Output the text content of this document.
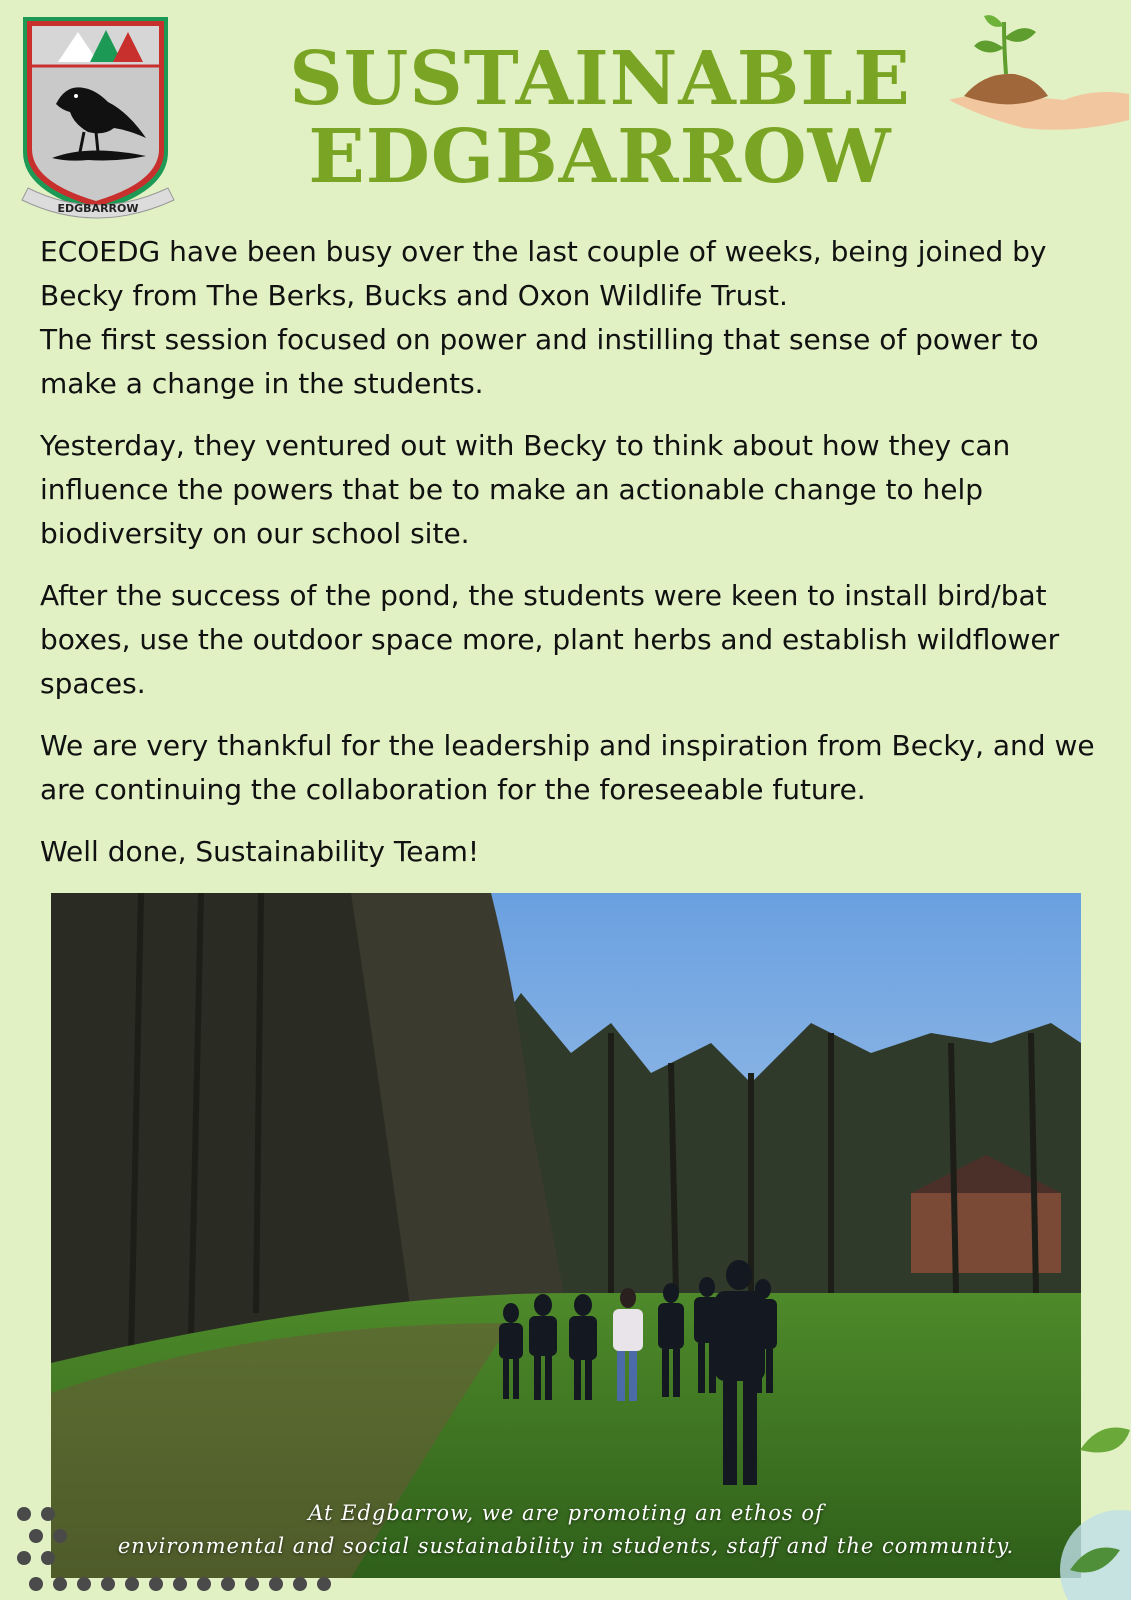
EDGBARROW
SUSTAINABLE
EDGBARROW

ECOEDG have been busy over the last couple of weeks, being joined by Becky from The Berks, Bucks and Oxon Wildlife Trust.

The first session focused on power and instilling that sense of power to make a change in the students.

Yesterday, they ventured out with Becky to think about how they can influence the powers that be to make an actionable change to help biodiversity on our school site.

After the success of the pond, the students were keen to install bird/bat boxes, use the outdoor space more, plant herbs and establish wildflower spaces.

We are very thankful for the leadership and inspiration from Becky, and we are continuing the collaboration for the foreseeable future.

Well done, Sustainability Team!

At Edgbarrow, we are promoting an ethos of
environmental and social sustainability in students, staff and the community.
